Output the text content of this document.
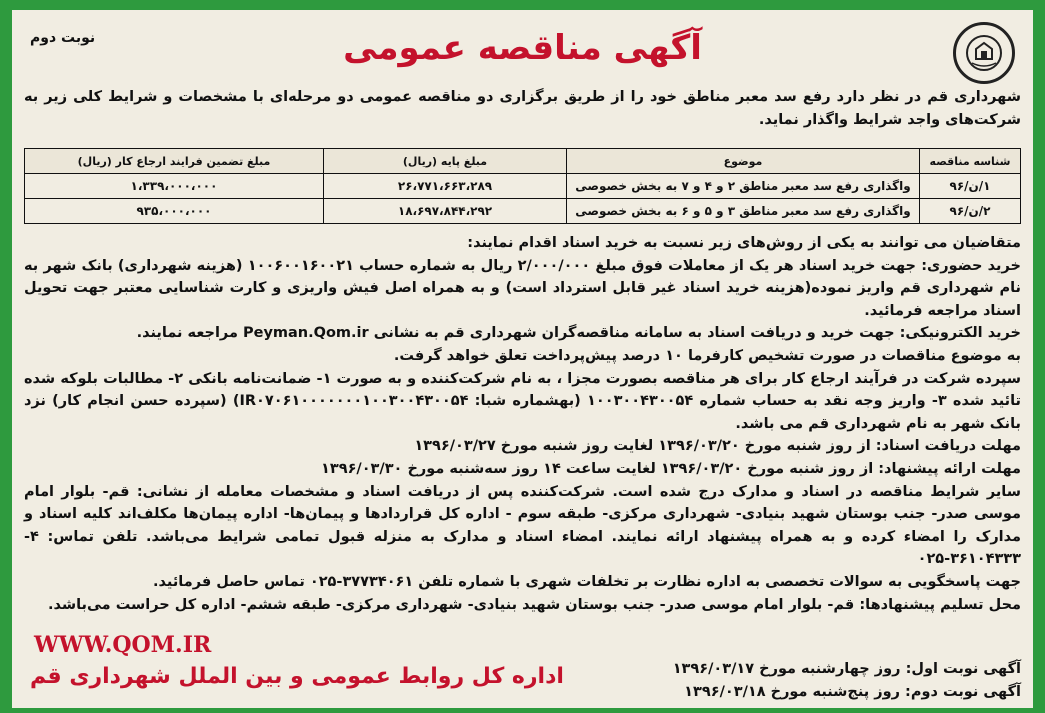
آگهی مناقصه عمومی
نوبت دوم
شهرداری قم در نظر دارد رفع سد معبر مناطق خود را از طریق برگزاری دو مناقصه عمومی دو مرحله‌ای با مشخصات و شرایط کلی زیر به شرکت‌های واجد شرایط واگذار نماید.
شناسه مناقصه	موضوع	مبلغ پایه (ریال)	مبلغ تضمین فرایند ارجاع کار (ریال)
۱/ن/۹۶	واگذاری رفع سد معبر مناطق ۲ و ۴ و ۷ به بخش خصوصی	۲۶،۷۷۱،۶۶۳،۲۸۹	۱،۳۳۹،۰۰۰،۰۰۰
۲/ن/۹۶	واگذاری رفع سد معبر مناطق ۳ و ۵ و ۶ به بخش خصوصی	۱۸،۶۹۷،۸۴۴،۲۹۲	۹۳۵،۰۰۰،۰۰۰

متقاضیان می توانند به یکی از روش‌های زیر نسبت به خرید اسناد اقدام نمایند:

خرید حضوری: جهت خرید اسناد هر یک از معاملات فوق مبلغ ۲/۰۰۰/۰۰۰ ریال به شماره حساب ۱۰۰۶۰۰۱۶۰۰۲۱ (هزینه شهرداری) بانک شهر به نام شهرداری قم واریز نموده(هزینه خرید اسناد غیر قابل استرداد است) و به همراه اصل فیش واریزی و کارت شناسایی معتبر جهت تحویل اسناد مراجعه فرمائید.

خرید الکترونیکی: جهت خرید و دریافت اسناد به سامانه مناقصه‌گران شهرداری قم به نشانی Peyman.Qom.ir مراجعه نمایند.

به موضوع مناقصات در صورت تشخیص کارفرما ۱۰ درصد پیش‌پرداخت تعلق خواهد گرفت.

سپرده شرکت در فرآیند ارجاع کار برای هر مناقصه بصورت مجزا ، به نام شرکت‌کننده و به صورت ۱- ضمانت‌نامه بانکی ۲- مطالبات بلوکه شده تائید شده ۳- واریز وجه نقد به حساب شماره ۱۰۰۳۰۰۴۳۰۰۵۴ (بهشماره شبا: IR۰۷۰۶۱۰۰۰۰۰۰۰۱۰۰۳۰۰۴۳۰۰۵۴) (سپرده حسن انجام کار) نزد بانک شهر به نام شهرداری قم می باشد.

مهلت دریافت اسناد: از روز شنبه مورخ ۱۳۹۶/۰۳/۲۰ لغایت روز شنبه مورخ ۱۳۹۶/۰۳/۲۷

مهلت ارائه پیشنهاد: از روز شنبه مورخ ۱۳۹۶/۰۳/۲۰ لغایت ساعت ۱۴ روز سه‌شنبه مورخ ۱۳۹۶/۰۳/۳۰

سایر شرایط مناقصه در اسناد و مدارک درج شده است. شرکت‌کننده پس از دریافت اسناد و مشخصات معامله از نشانی: قم- بلوار امام موسی صدر- جنب بوستان شهید بنیادی- شهرداری مرکزی- طبقه سوم - اداره کل قراردادها و پیمان‌ها- اداره پیمان‌ها مکلف‌اند کلیه اسناد و مدارک را امضاء کرده و به همراه پیشنهاد ارائه نمایند. امضاء اسناد و مدارک به منزله قبول تمامی شرایط می‌باشد. تلفن تماس: ۴- ۳۶۱۰۴۳۳۳-۰۲۵

جهت پاسخگویی به سوالات تخصصی به اداره نظارت بر تخلفات شهری با شماره تلفن ۳۷۷۳۴۰۶۱-۰۲۵ تماس حاصل فرمائید.

محل تسلیم پیشنهادها: قم- بلوار امام موسی صدر- جنب بوستان شهید بنیادی- شهرداری مرکزی- طبقه ششم- اداره کل حراست می‌باشد.

آگهی نوبت اول: روز چهارشنبه مورخ ۱۳۹۶/۰۳/۱۷

آگهی نوبت دوم: روز پنج‌شنبه مورخ ۱۳۹۶/۰۳/۱۸

WWW.QOM.IR
اداره کل روابط عمومی و بین الملل شهرداری قم
